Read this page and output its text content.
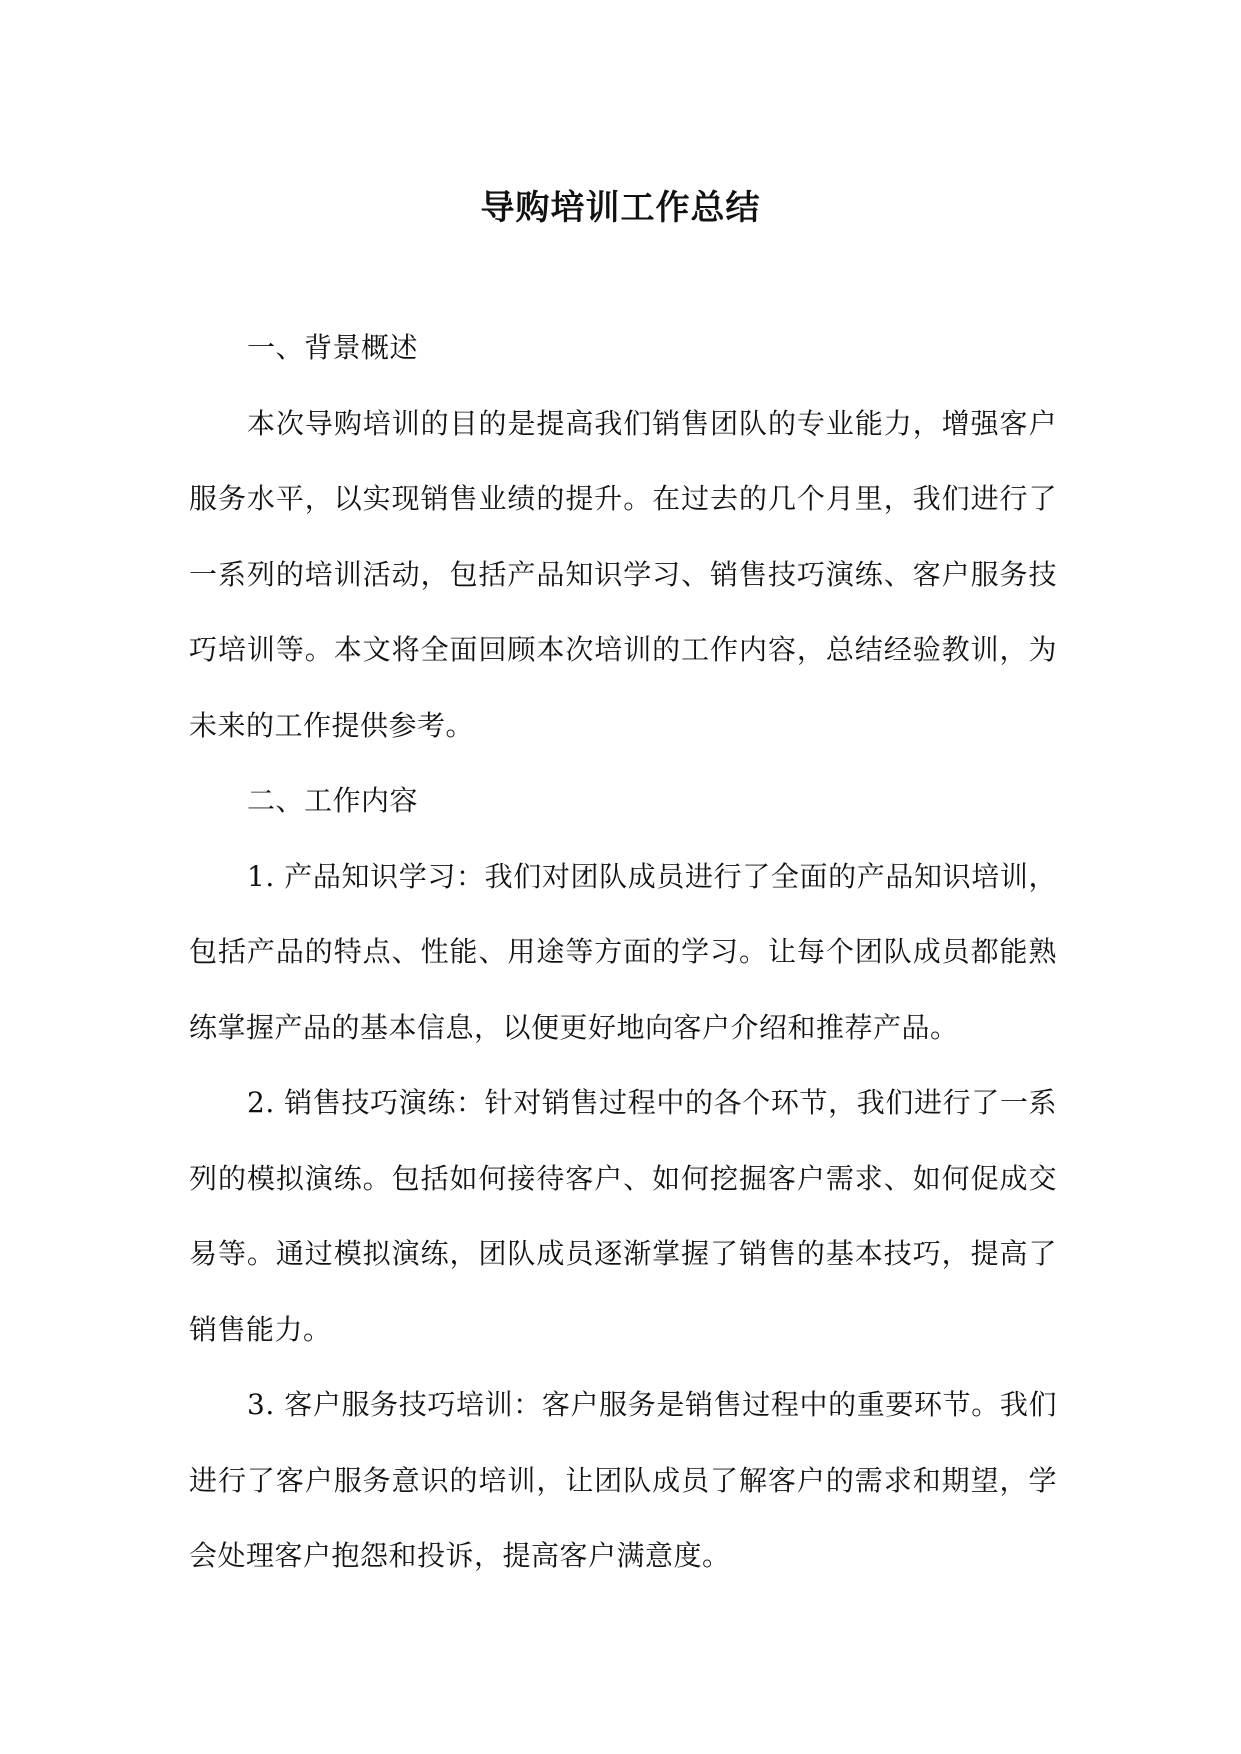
导购培训工作总结

一、背景概述

本次导购培训的目的是提高我们销售团队的专业能力，增强客户服务水平，以实现销售业绩的提升。在过去的几个月里，我们进行了一系列的培训活动，包括产品知识学习、销售技巧演练、客户服务技巧培训等。本文将全面回顾本次培训的工作内容，总结经验教训，为未来的工作提供参考。

二、工作内容

1. 产品知识学习：我们对团队成员进行了全面的产品知识培训，包括产品的特点、性能、用途等方面的学习。让每个团队成员都能熟练掌握产品的基本信息，以便更好地向客户介绍和推荐产品。

2. 销售技巧演练：针对销售过程中的各个环节，我们进行了一系列的模拟演练。包括如何接待客户、如何挖掘客户需求、如何促成交易等。通过模拟演练，团队成员逐渐掌握了销售的基本技巧，提高了销售能力。

3. 客户服务技巧培训：客户服务是销售过程中的重要环节。我们进行了客户服务意识的培训，让团队成员了解客户的需求和期望，学会处理客户抱怨和投诉，提高客户满意度。
